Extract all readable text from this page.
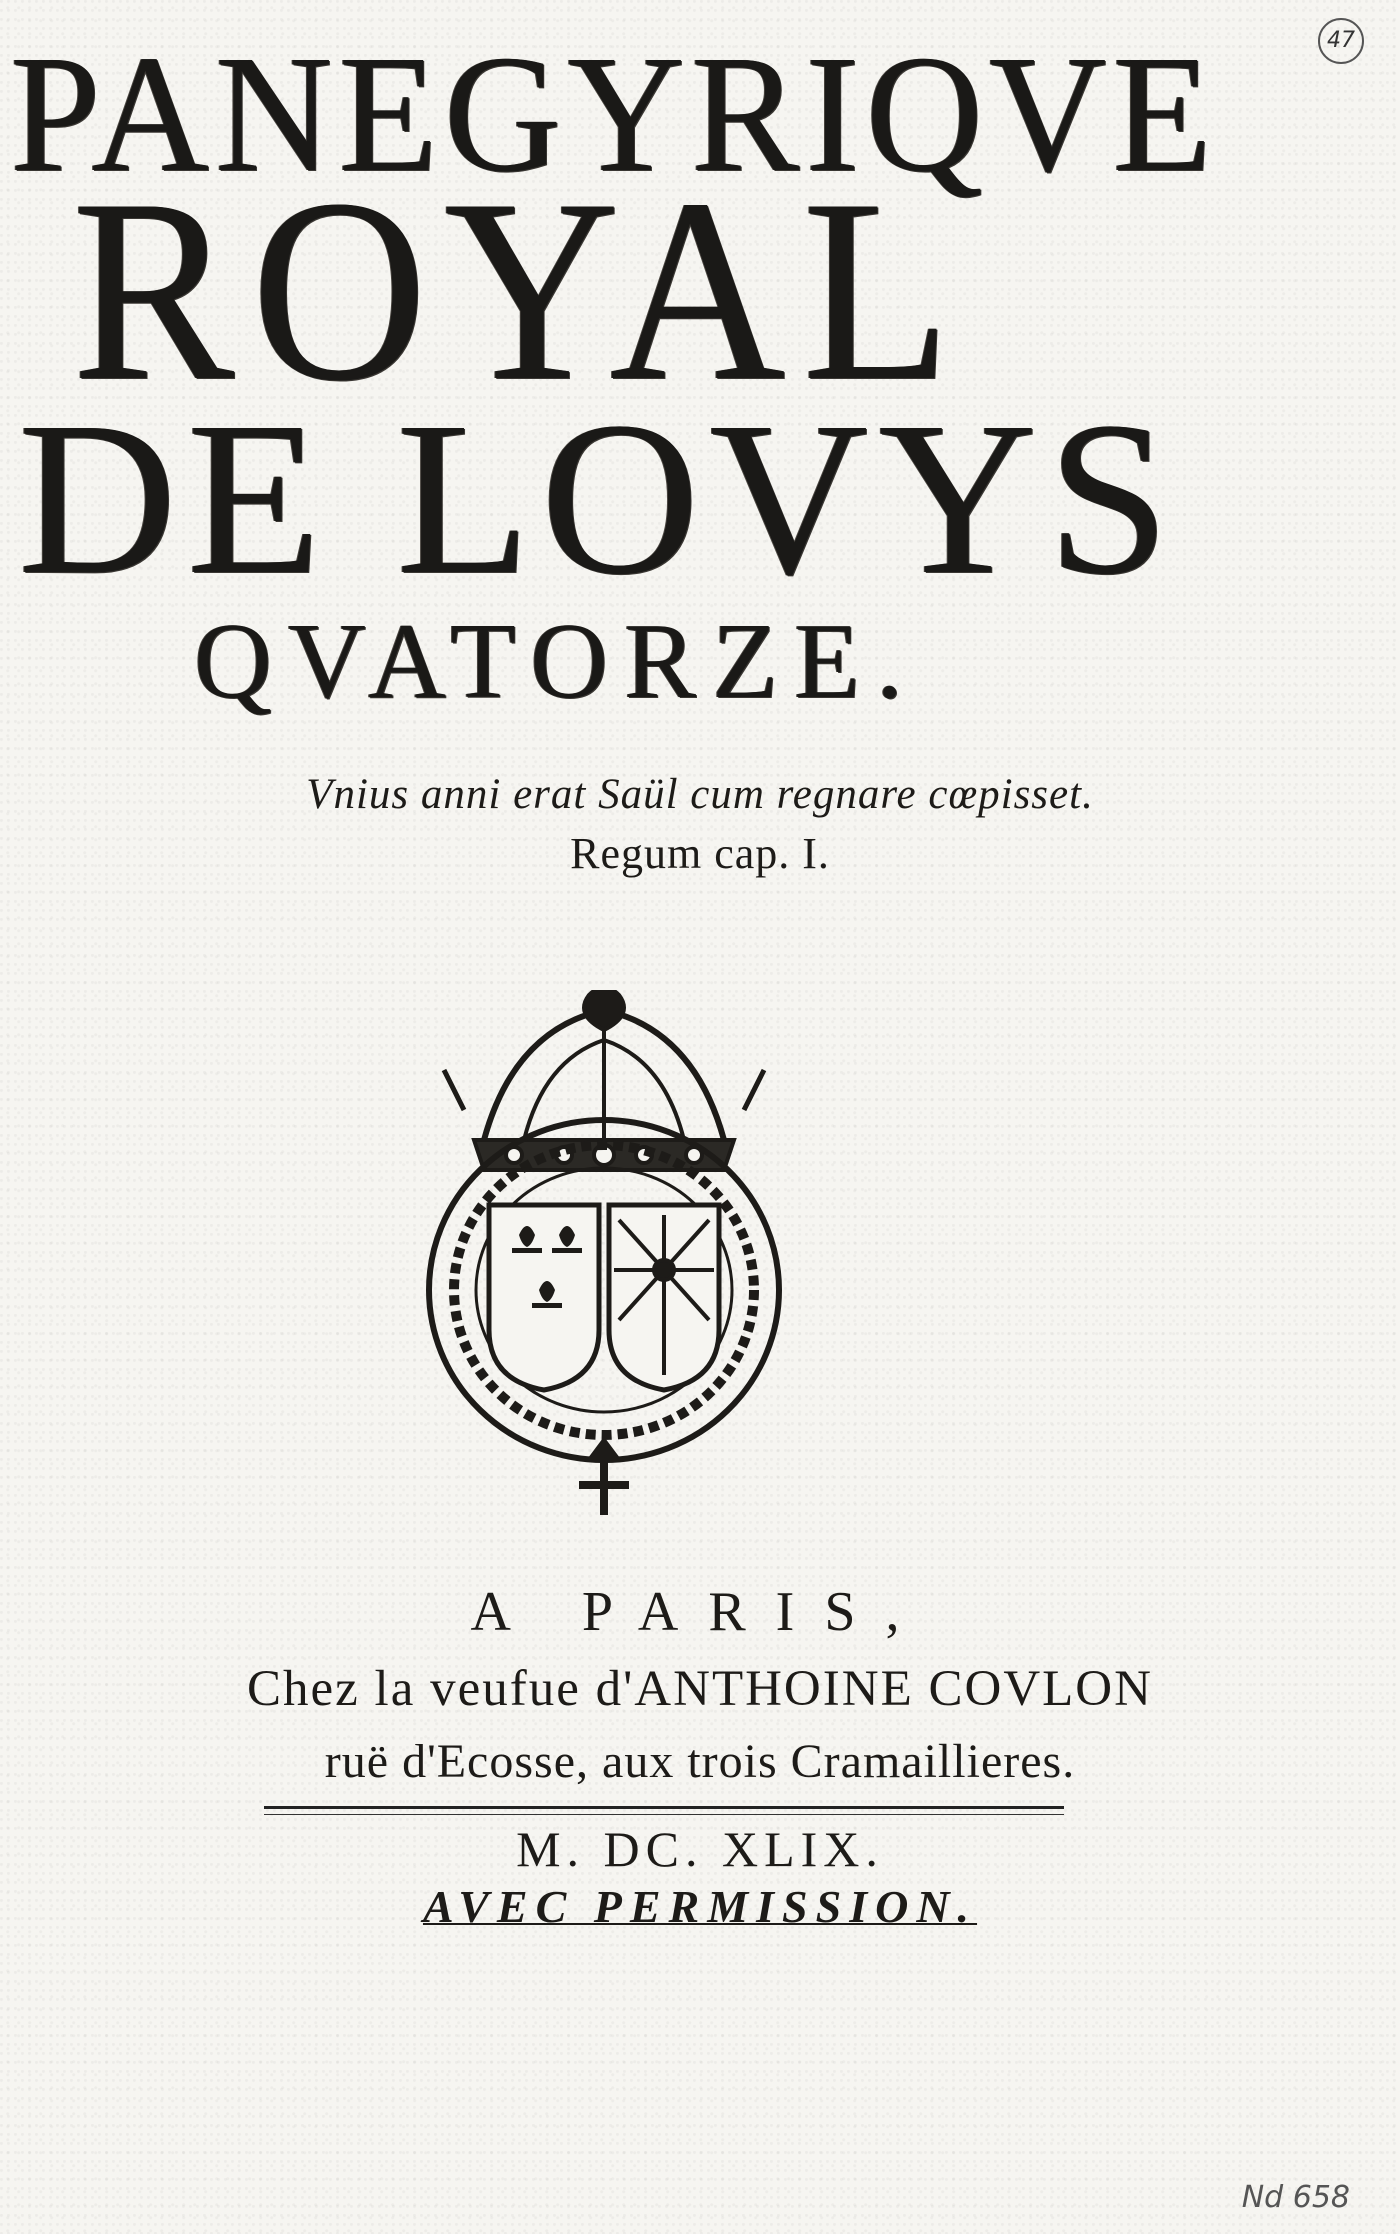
47
PANEGYRIQVE
ROYAL
DE LOVYS
QVATORZE.
Vnius anni erat Saül cum regnare cœpisset.
Regum cap. I.
A PARIS,
Chez la veufue d'ANTHOINE COVLON
ruë d'Ecosse, aux trois Cramaillieres.
M. DC. XLIX.
AVEC PERMISSION.
Nd 658
